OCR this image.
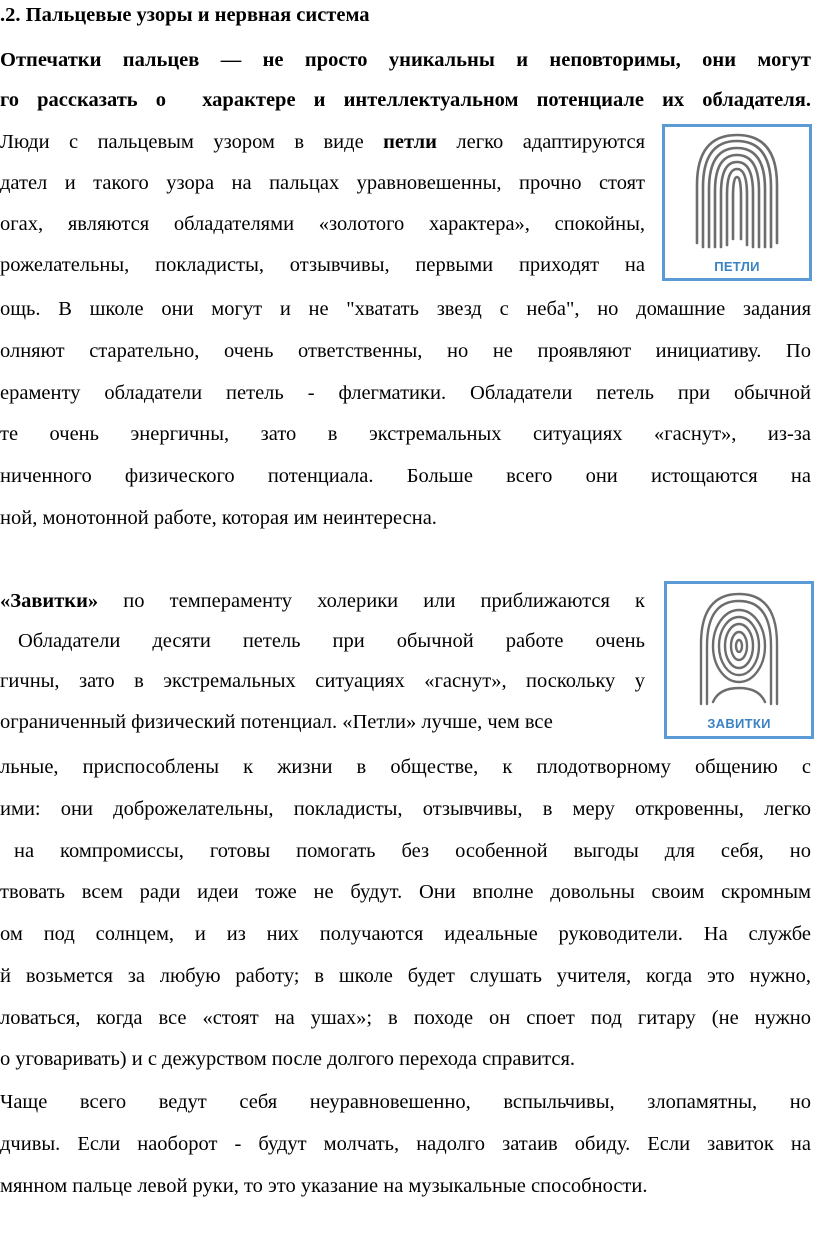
.2. Пальцевые узоры и нервная система
Отпечатки пальцев — не просто уникальны и неповторимы, они могут
го рассказать о  характере и интеллектуальном потенциале их обладателя.
Люди с пальцевым узором в виде петли легко адаптируются
дател и такого узора на пальцах уравновешенны, прочно стоят
огах, являются обладателями «золотого характера», спокойны,
рожелательны, покладисты, отзывчивы, первыми приходят на
ощь. В школе они могут и не "хватать звезд с неба", но домашние задания
олняют старательно, очень ответственны, но не проявляют инициативу. По
ераменту обладатели петель - флегматики. Обладатели петель при обычной
те очень энергичны, зато в экстремальных ситуациях «гаснут», из-за
ниченного физического потенциала. Больше всего они истощаются на
ной, монотонной работе, которая им неинтересна.
ПЕТЛИ
«Завитки» по темпераменту холерики или приближаются к
Обладатели десяти петель при обычной работе очень
гичны, зато в экстремальных ситуациях «гаснут», поскольку у
ограниченный физический потенциал. «Петли» лучше, чем все
льные, приспособлены к жизни в обществе, к плодотворному общению с
ими: они доброжелательны, покладисты, отзывчивы, в меру откровенны, легко
на компромиссы, готовы помогать без особенной выгоды для себя, но
твовать всем ради идеи тоже не будут. Они вполне довольны своим скромным
ом под солнцем, и из них получаются идеальные руководители. На службе
й возьмется за любую работу; в школе будет слушать учителя, когда это нужно,
ловаться, когда все «стоят на ушах»; в походе он споет под гитару (не нужно
о уговаривать) и с дежурством после долгого перехода справится.
Чаще всего ведут себя неуравновешенно, вспыльчивы, злопамятны, но
дчивы. Если наоборот - будут молчать, надолго затаив обиду. Если завиток на
мянном пальце левой руки, то это указание на музыкальные способности.
ЗАВИТКИ
